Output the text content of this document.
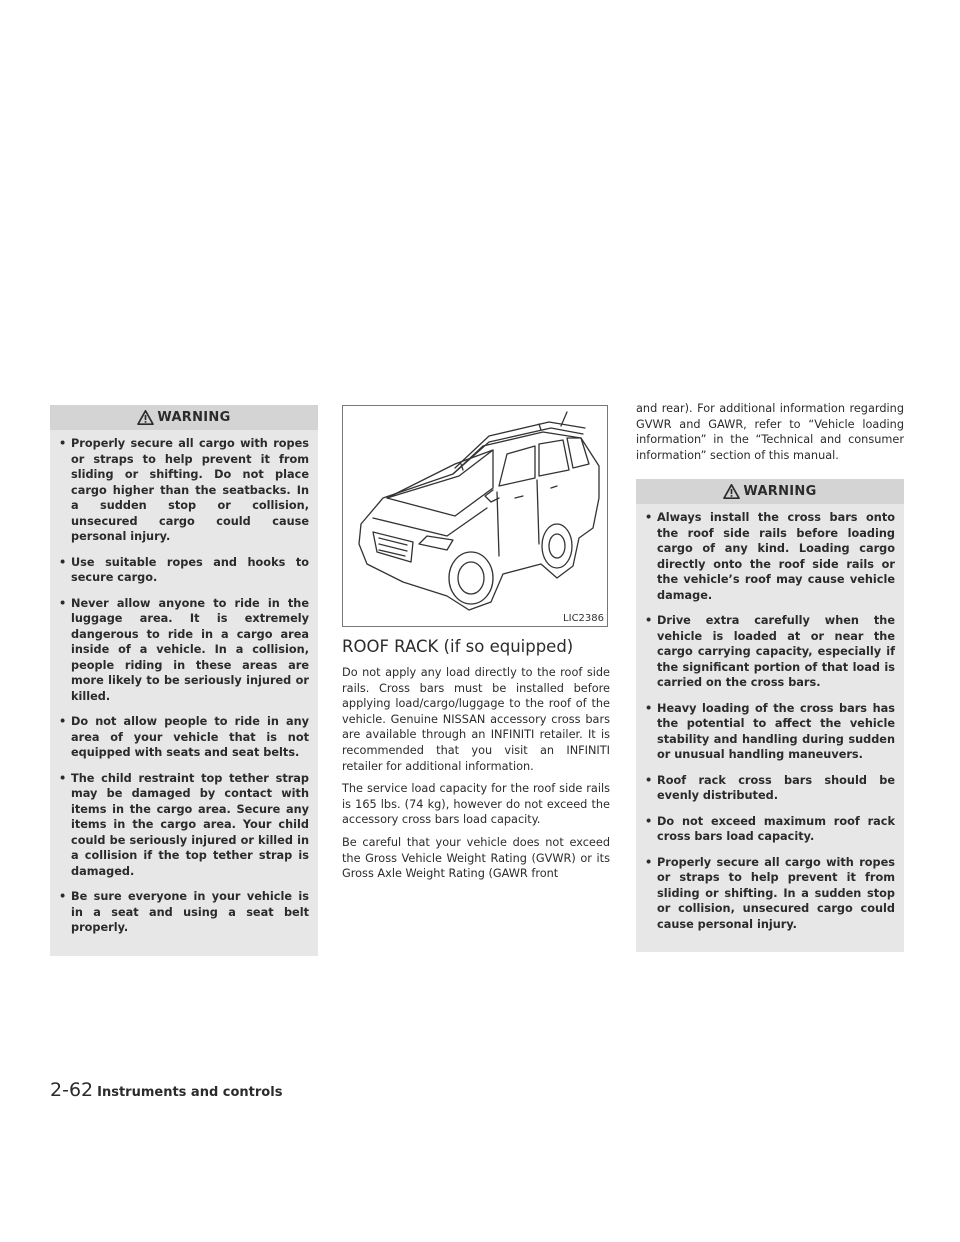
WARNING
• Properly secure all cargo with ropes or straps to help prevent it from sliding or shifting. Do not place cargo higher than the seatbacks. In a sudden stop or collision, unsecured cargo could cause personal injury.
• Use suitable ropes and hooks to secure cargo.
• Never allow anyone to ride in the luggage area. It is extremely dangerous to ride in a cargo area inside of a vehicle. In a collision, people riding in these areas are more likely to be seriously injured or killed.
• Do not allow people to ride in any area of your vehicle that is not equipped with seats and seat belts.
• The child restraint top tether strap may be damaged by contact with items in the cargo area. Secure any items in the cargo area. Your child could be seriously injured or killed in a collision if the top tether strap is damaged.
• Be sure everyone in your vehicle is in a seat and using a seat belt properly.
LIC2386
ROOF RACK (if so equipped)

Do not apply any load directly to the roof side rails. Cross bars must be installed before applying load/cargo/luggage to the roof of the vehicle. Genuine NISSAN accessory cross bars are available through an INFINITI retailer. It is recommended that you visit an INFINITI retailer for additional information.

The service load capacity for the roof side rails is 165 lbs. (74 kg), however do not exceed the accessory cross bars load capacity.

Be careful that your vehicle does not exceed the Gross Vehicle Weight Rating (GVWR) or its Gross Axle Weight Rating (GAWR front

and rear). For additional information regarding GVWR and GAWR, refer to “Vehicle loading information” in the “Technical and consumer information” section of this manual.

WARNING
• Always install the cross bars onto the roof side rails before loading cargo of any kind. Loading cargo directly onto the roof side rails or the vehicle’s roof may cause vehicle damage.
• Drive extra carefully when the vehicle is loaded at or near the cargo carrying capacity, especially if the significant portion of that load is carried on the cross bars.
• Heavy loading of the cross bars has the potential to affect the vehicle stability and handling during sudden or unusual handling maneuvers.
• Roof rack cross bars should be evenly distributed.
• Do not exceed maximum roof rack cross bars load capacity.
• Properly secure all cargo with ropes or straps to help prevent it from sliding or shifting. In a sudden stop or collision, unsecured cargo could cause personal injury.
2-62 Instruments and controls
